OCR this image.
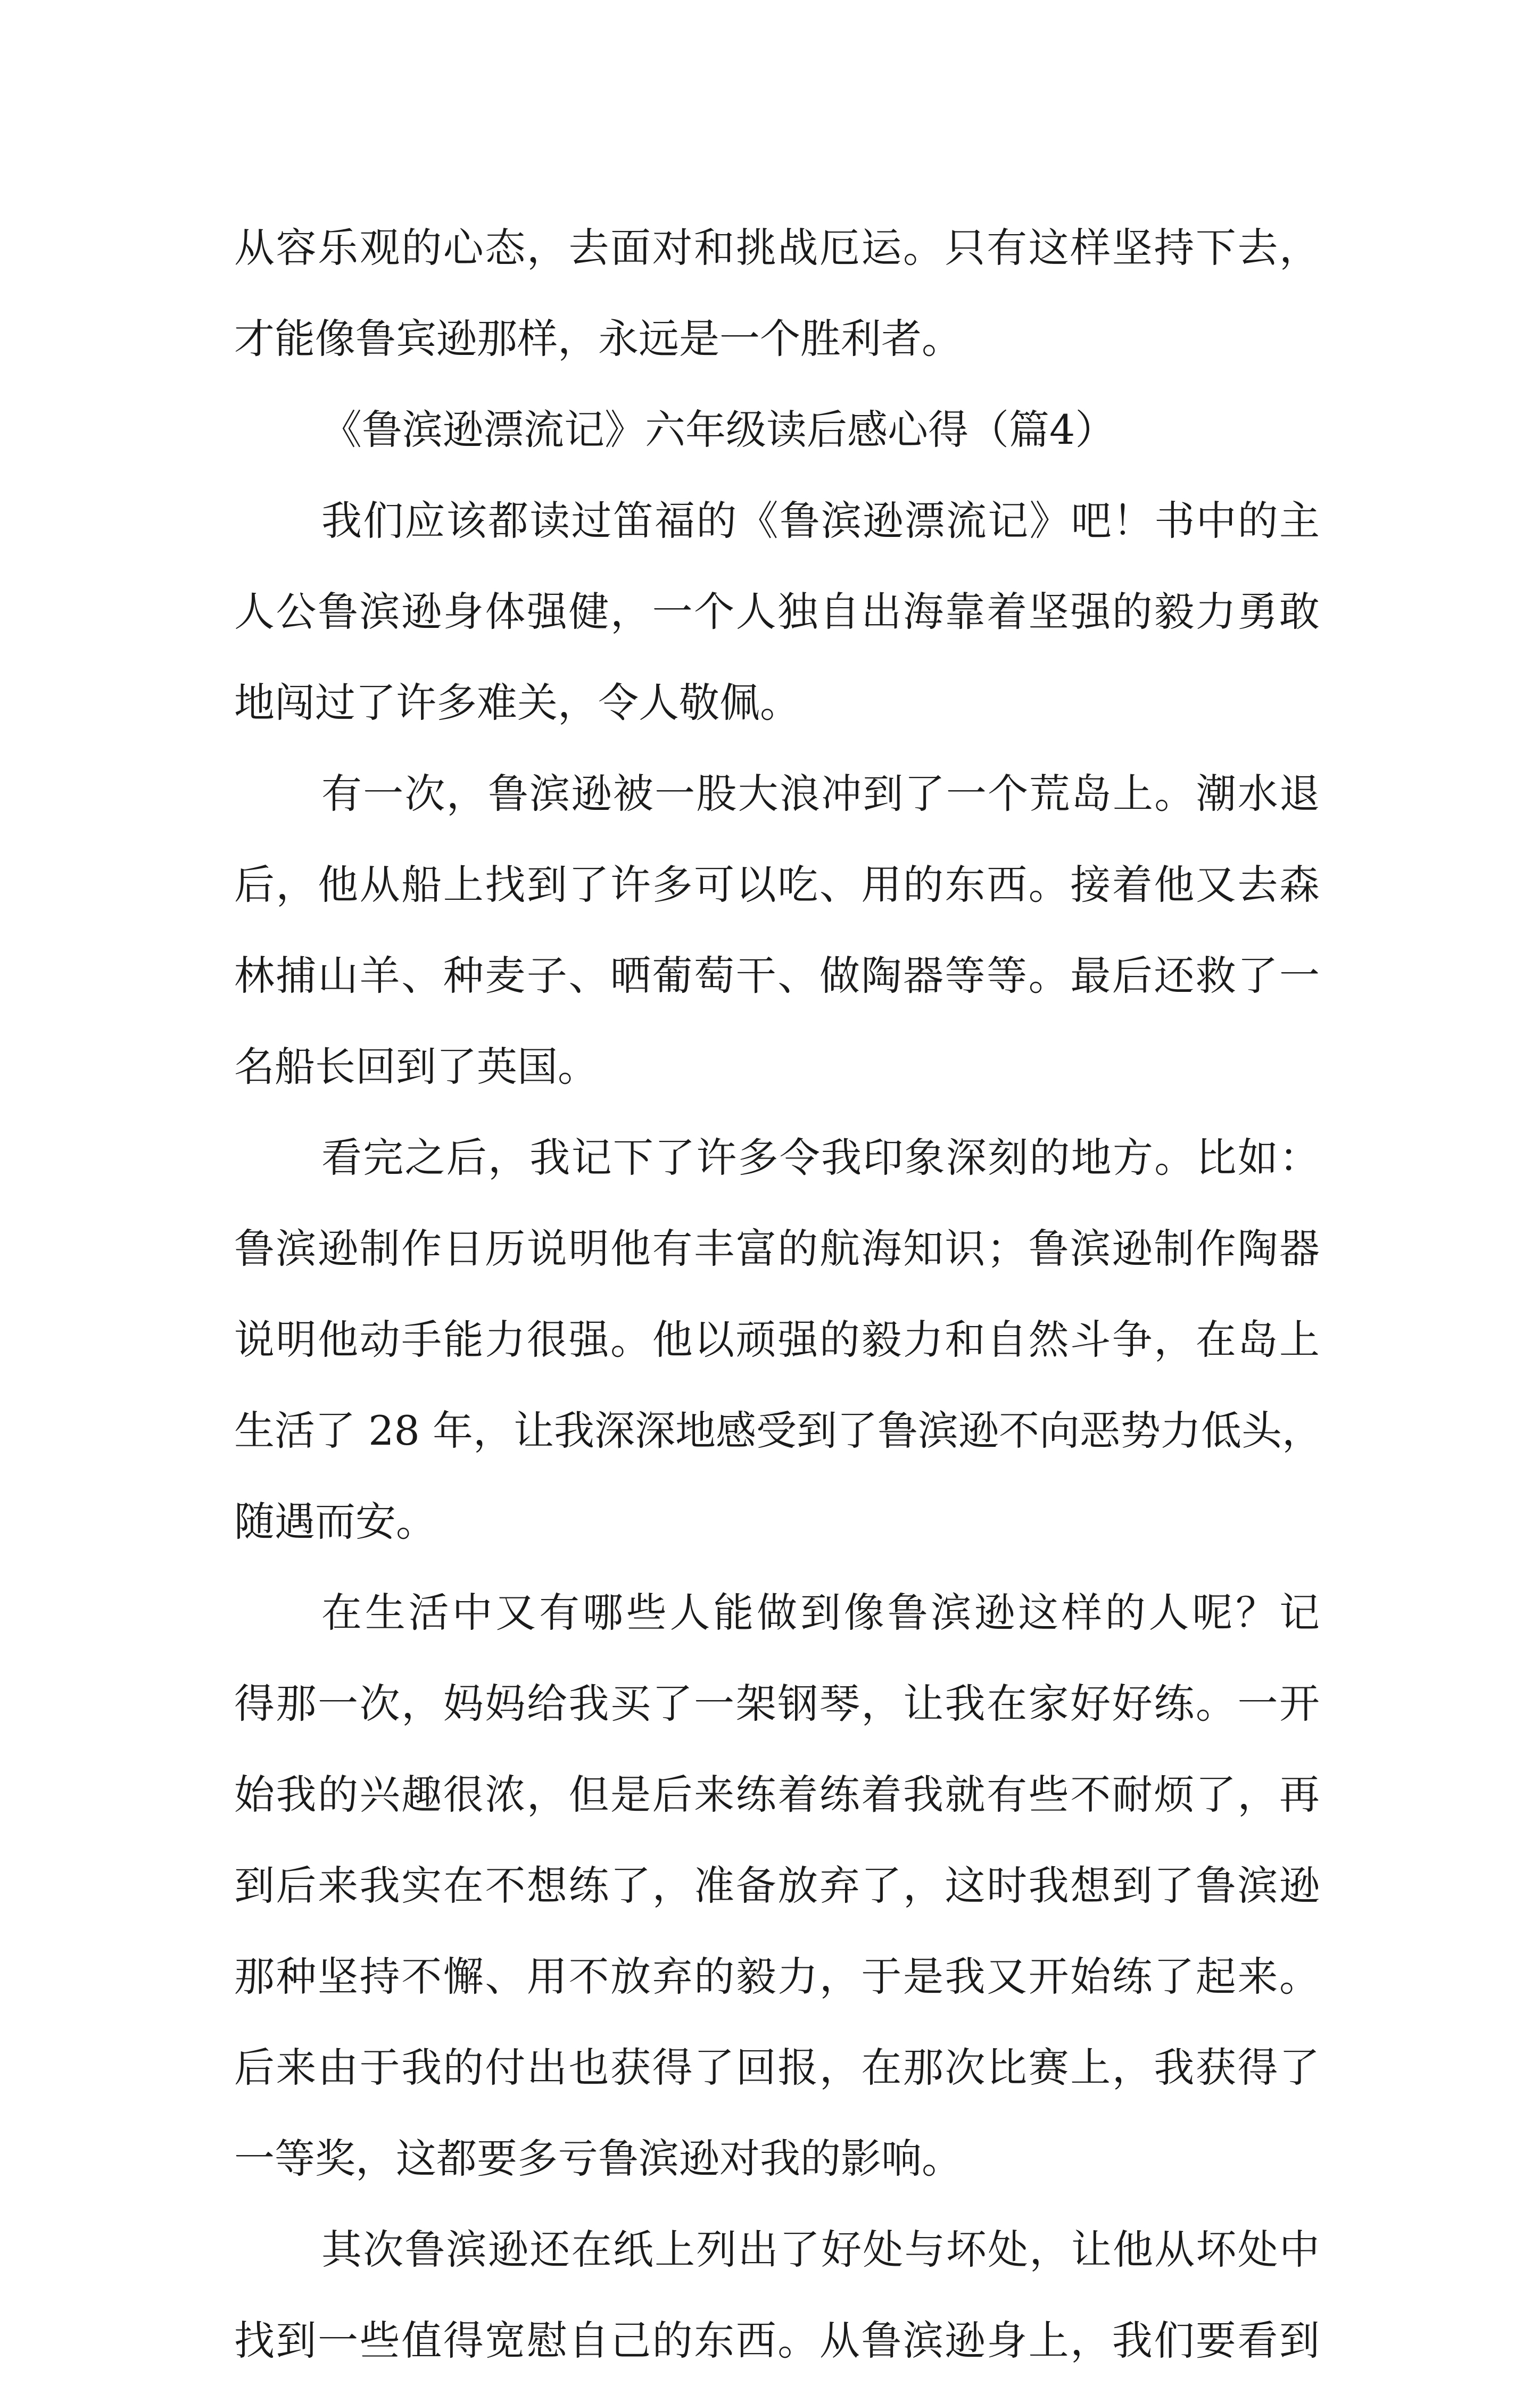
从容乐观的心态，去面对和挑战厄运。只有这样坚持下去，
才能像鲁宾逊那样，永远是一个胜利者。
《鲁滨逊漂流记》六年级读后感心得（篇4）
我们应该都读过笛福的《鲁滨逊漂流记》吧！书中的主
人公鲁滨逊身体强健，一个人独自出海靠着坚强的毅力勇敢
地闯过了许多难关，令人敬佩。
有一次，鲁滨逊被一股大浪冲到了一个荒岛上。潮水退
后，他从船上找到了许多可以吃、用的东西。接着他又去森
林捕山羊、种麦子、晒葡萄干、做陶器等等。最后还救了一
名船长回到了英国。
看完之后，我记下了许多令我印象深刻的地方。比如：
鲁滨逊制作日历说明他有丰富的航海知识；鲁滨逊制作陶器
说明他动手能力很强。他以顽强的毅力和自然斗争，在岛上
生活了 28 年，让我深深地感受到了鲁滨逊不向恶势力低头，
随遇而安。
在生活中又有哪些人能做到像鲁滨逊这样的人呢？记
得那一次，妈妈给我买了一架钢琴，让我在家好好练。一开
始我的兴趣很浓，但是后来练着练着我就有些不耐烦了，再
到后来我实在不想练了，准备放弃了，这时我想到了鲁滨逊
那种坚持不懈、用不放弃的毅力，于是我又开始练了起来。
后来由于我的付出也获得了回报，在那次比赛上，我获得了
一等奖，这都要多亏鲁滨逊对我的影响。
其次鲁滨逊还在纸上列出了好处与坏处，让他从坏处中
找到一些值得宽慰自己的东西。从鲁滨逊身上，我们要看到
